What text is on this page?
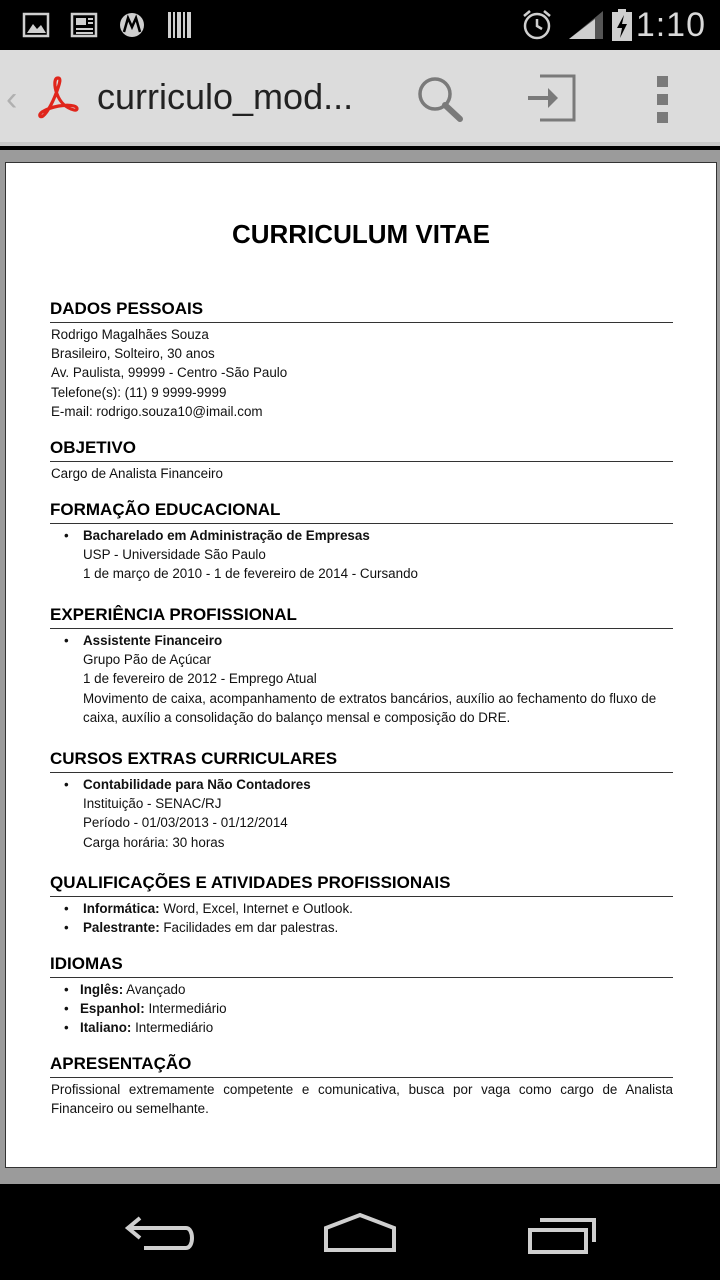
1:10
‹ curriculo_mod...
CURRICULUM VITAE
DADOS PESSOAIS
Rodrigo Magalhães Souza
Brasileiro, Solteiro, 30 anos
Av. Paulista, 99999 - Centro -São Paulo
Telefone(s): (11) 9 9999-9999
E-mail: rodrigo.souza10@imail.com
OBJETIVO
Cargo de Analista Financeiro
FORMAÇÃO EDUCACIONAL
• Bacharelado em Administração de Empresas
USP - Universidade São Paulo
1 de março de 2010 - 1 de fevereiro de 2014 - Cursando
EXPERIÊNCIA PROFISSIONAL
• Assistente Financeiro
Grupo Pão de Açúcar
1 de fevereiro de 2012 - Emprego Atual
Movimento de caixa, acompanhamento de extratos bancários, auxílio ao fechamento do fluxo de caixa, auxílio a consolidação do balanço mensal e composição do DRE.
CURSOS EXTRAS CURRICULARES
• Contabilidade para Não Contadores
Instituição - SENAC/RJ
Período - 01/03/2013 - 01/12/2014
Carga horária: 30 horas
QUALIFICAÇÕES E ATIVIDADES PROFISSIONAIS
• Informática: Word, Excel, Internet e Outlook.
• Palestrante: Facilidades em dar palestras.
IDIOMAS
• Inglês: Avançado
• Espanhol: Intermediário
• Italiano: Intermediário
APRESENTAÇÃO
Profissional extremamente competente e comunicativa, busca por vaga como cargo de Analista Financeiro ou semelhante.
